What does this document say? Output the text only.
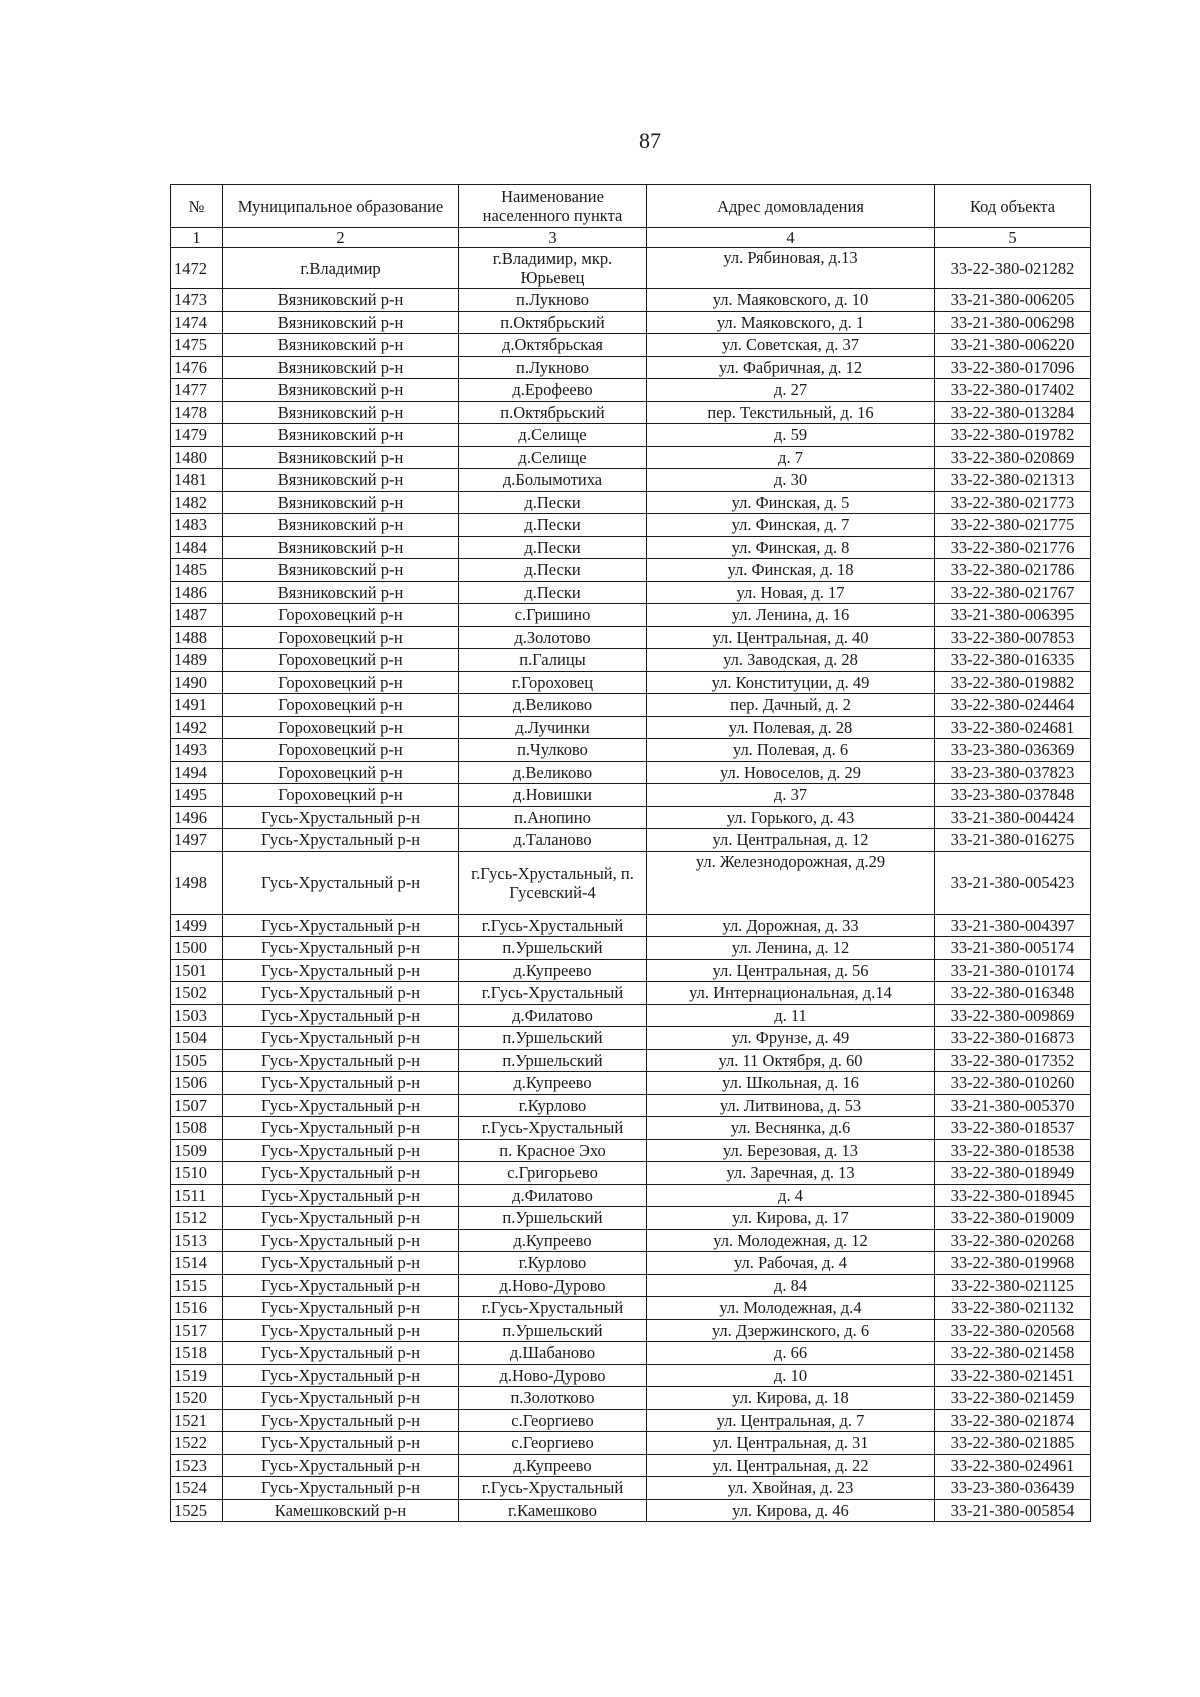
87
№	Муниципальное образование	Наименование населенного пункта	Адрес домовладения	Код объекта
1	2	3	4	5
1472	г.Владимир	г.Владимир, мкр. Юрьевец	ул. Рябиновая, д.13	33-22-380-021282
1473	Вязниковский р-н	п.Лукново	ул. Маяковского, д. 10	33-21-380-006205
1474	Вязниковский р-н	п.Октябрьский	ул. Маяковского, д. 1	33-21-380-006298
1475	Вязниковский р-н	д.Октябрьская	ул. Советская, д. 37	33-21-380-006220
1476	Вязниковский р-н	п.Лукново	ул. Фабричная, д. 12	33-22-380-017096
1477	Вязниковский р-н	д.Ерофеево	д. 27	33-22-380-017402
1478	Вязниковский р-н	п.Октябрьский	пер. Текстильный, д. 16	33-22-380-013284
1479	Вязниковский р-н	д.Селище	д. 59	33-22-380-019782
1480	Вязниковский р-н	д.Селище	д. 7	33-22-380-020869
1481	Вязниковский р-н	д.Болымотиха	д. 30	33-22-380-021313
1482	Вязниковский р-н	д.Пески	ул. Финская, д. 5	33-22-380-021773
1483	Вязниковский р-н	д.Пески	ул. Финская, д. 7	33-22-380-021775
1484	Вязниковский р-н	д.Пески	ул. Финская, д. 8	33-22-380-021776
1485	Вязниковский р-н	д.Пески	ул. Финская, д. 18	33-22-380-021786
1486	Вязниковский р-н	д.Пески	ул. Новая, д. 17	33-22-380-021767
1487	Гороховецкий р-н	с.Гришино	ул. Ленина, д. 16	33-21-380-006395
1488	Гороховецкий р-н	д.Золотово	ул. Центральная, д. 40	33-22-380-007853
1489	Гороховецкий р-н	п.Галицы	ул. Заводская, д. 28	33-22-380-016335
1490	Гороховецкий р-н	г.Гороховец	ул. Конституции, д. 49	33-22-380-019882
1491	Гороховецкий р-н	д.Великово	пер. Дачный, д. 2	33-22-380-024464
1492	Гороховецкий р-н	д.Лучинки	ул. Полевая, д. 28	33-22-380-024681
1493	Гороховецкий р-н	п.Чулково	ул. Полевая, д. 6	33-23-380-036369
1494	Гороховецкий р-н	д.Великово	ул. Новоселов, д. 29	33-23-380-037823
1495	Гороховецкий р-н	д.Новишки	д. 37	33-23-380-037848
1496	Гусь-Хрустальный р-н	п.Анопино	ул. Горького, д. 43	33-21-380-004424
1497	Гусь-Хрустальный р-н	д.Таланово	ул. Центральная, д. 12	33-21-380-016275
1498	Гусь-Хрустальный р-н	г.Гусь-Хрустальный, п. Гусевский-4	ул. Железнодорожная, д.29	33-21-380-005423
1499	Гусь-Хрустальный р-н	г.Гусь-Хрустальный	ул. Дорожная, д. 33	33-21-380-004397
1500	Гусь-Хрустальный р-н	п.Уршельский	ул. Ленина, д. 12	33-21-380-005174
1501	Гусь-Хрустальный р-н	д.Купреево	ул. Центральная, д. 56	33-21-380-010174
1502	Гусь-Хрустальный р-н	г.Гусь-Хрустальный	ул. Интернациональная, д.14	33-22-380-016348
1503	Гусь-Хрустальный р-н	д.Филатово	д. 11	33-22-380-009869
1504	Гусь-Хрустальный р-н	п.Уршельский	ул. Фрунзе, д. 49	33-22-380-016873
1505	Гусь-Хрустальный р-н	п.Уршельский	ул. 11 Октября, д. 60	33-22-380-017352
1506	Гусь-Хрустальный р-н	д.Купреево	ул. Школьная, д. 16	33-22-380-010260
1507	Гусь-Хрустальный р-н	г.Курлово	ул. Литвинова, д. 53	33-21-380-005370
1508	Гусь-Хрустальный р-н	г.Гусь-Хрустальный	ул. Веснянка, д.6	33-22-380-018537
1509	Гусь-Хрустальный р-н	п. Красное Эхо	ул. Березовая, д. 13	33-22-380-018538
1510	Гусь-Хрустальный р-н	с.Григорьево	ул. Заречная, д. 13	33-22-380-018949
1511	Гусь-Хрустальный р-н	д.Филатово	д. 4	33-22-380-018945
1512	Гусь-Хрустальный р-н	п.Уршельский	ул. Кирова, д. 17	33-22-380-019009
1513	Гусь-Хрустальный р-н	д.Купреево	ул. Молодежная, д. 12	33-22-380-020268
1514	Гусь-Хрустальный р-н	г.Курлово	ул. Рабочая, д. 4	33-22-380-019968
1515	Гусь-Хрустальный р-н	д.Ново-Дурово	д. 84	33-22-380-021125
1516	Гусь-Хрустальный р-н	г.Гусь-Хрустальный	ул. Молодежная, д.4	33-22-380-021132
1517	Гусь-Хрустальный р-н	п.Уршельский	ул. Дзержинского, д. 6	33-22-380-020568
1518	Гусь-Хрустальный р-н	д.Шабаново	д. 66	33-22-380-021458
1519	Гусь-Хрустальный р-н	д.Ново-Дурово	д. 10	33-22-380-021451
1520	Гусь-Хрустальный р-н	п.Золотково	ул. Кирова, д. 18	33-22-380-021459
1521	Гусь-Хрустальный р-н	с.Георгиево	ул. Центральная, д. 7	33-22-380-021874
1522	Гусь-Хрустальный р-н	с.Георгиево	ул. Центральная, д. 31	33-22-380-021885
1523	Гусь-Хрустальный р-н	д.Купреево	ул. Центральная, д. 22	33-22-380-024961
1524	Гусь-Хрустальный р-н	г.Гусь-Хрустальный	ул. Хвойная, д. 23	33-23-380-036439
1525	Камешковский р-н	г.Камешково	ул. Кирова, д. 46	33-21-380-005854
